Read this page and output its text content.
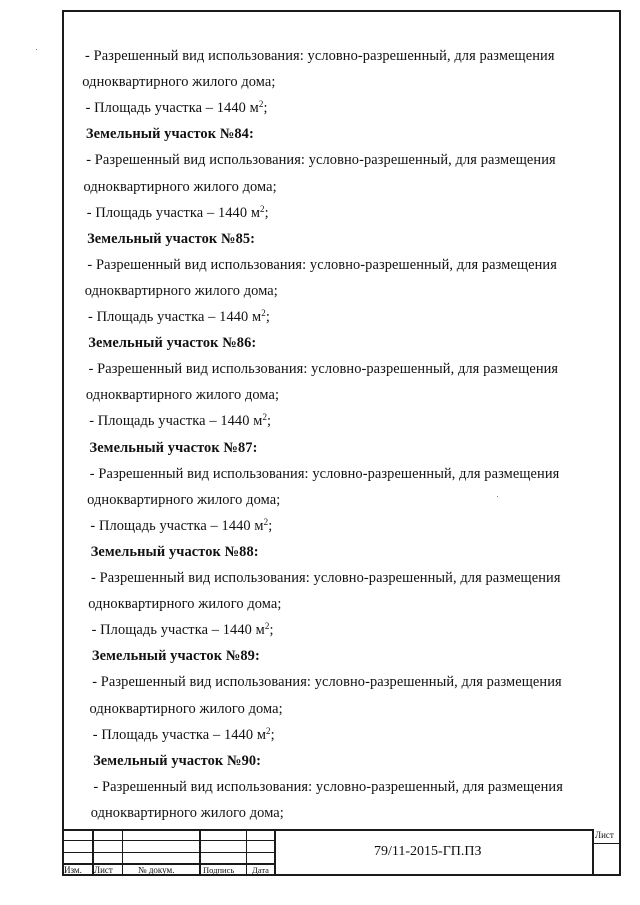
- Разрешенный вид использования: условно-разрешенный, для размещения
одноквартирного жилого дома;
- Площадь участка – 1440 $м^2$;
Земельный участок №84:
- Разрешенный вид использования: условно-разрешенный, для размещения
одноквартирного жилого дома;
- Площадь участка – 1440 $м^2$;
Земельный участок №85:
- Разрешенный вид использования: условно-разрешенный, для размещения
одноквартирного жилого дома;
- Площадь участка – 1440 $м^2$;
Земельный участок №86:
- Разрешенный вид использования: условно-разрешенный, для размещения
одноквартирного жилого дома;
- Площадь участка – 1440 $м^2$;
Земельный участок №87:
- Разрешенный вид использования: условно-разрешенный, для размещения
одноквартирного жилого дома;
- Площадь участка – 1440 $м^2$;
Земельный участок №88:
- Разрешенный вид использования: условно-разрешенный, для размещения
одноквартирного жилого дома;
- Площадь участка – 1440 $м^2$;
Земельный участок №89:
- Разрешенный вид использования: условно-разрешенный, для размещения
одноквартирного жилого дома;
- Площадь участка – 1440 $м^2$;
Земельный участок №90:
- Разрешенный вид использования: условно-разрешенный, для размещения
одноквартирного жилого дома;
Изм. Лист	№ докум.	Подпись Дата
79/11-2015-ГП.ПЗ
Лист
